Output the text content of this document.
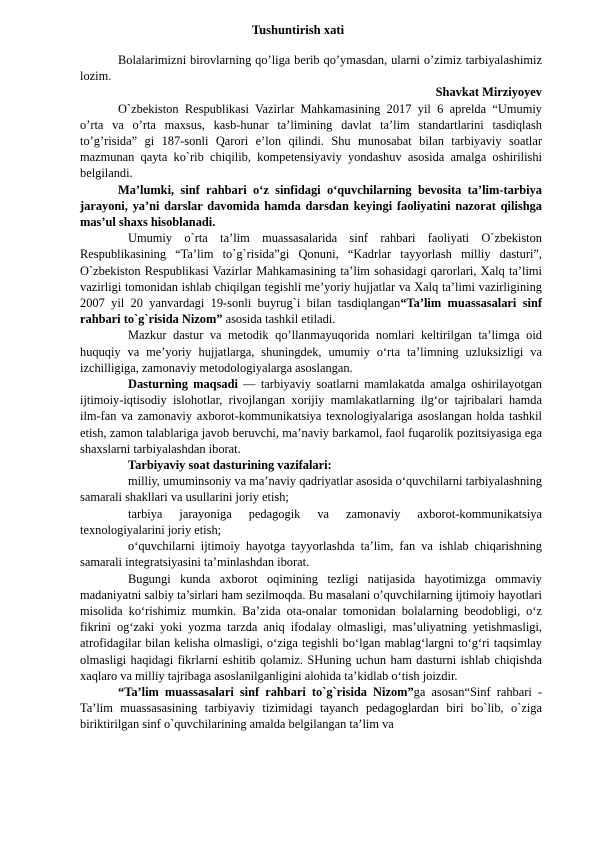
Tushuntirish xati

Bolalarimizni birovlarning qo’liga berib qo’ymasdan, ularni o’zimiz tarbiyalashimiz lozim.

Shavkat Mirziyoyev

O`zbekiston Respublikasi Vazirlar Mahkamasining 2017 yil 6 aprelda “Umumiy o’rta va o’rta maxsus, kasb-hunar ta’limining davlat ta’lim standartlarini tasdiqlash to’g’risida” gi 187-sonli Qarori e’lon qilindi. Shu munosabat bilan tarbiyaviy soatlar mazmunan qayta ko`rib chiqilib, kompetensiyaviy yondashuv asosida amalga oshirilishi belgilandi.

Ma’lumki, sinf rahbari o‘z sinfidagi o‘quvchilarning bevosita ta’lim-tarbiya jarayoni, ya’ni darslar davomida hamda darsdan keyingi faoliyatini nazorat qilishga mas’ul shaxs hisoblanadi.

Umumiy o`rta ta’lim muassasalarida sinf rahbari faoliyati O`zbekiston Respublikasining “Ta’lim to`g`risida”gi Qonuni, “Kadrlar tayyorlash milliy dasturi”, O`zbekiston Respublikasi Vazirlar Mahkamasining ta’lim sohasidagi qarorlari, Xalq ta’limi vazirligi tomonidan ishlab chiqilgan tegishli me’yoriy hujjatlar va Xalq ta’limi vazirligining 2007 yil 20 yanvardagi 19-sonli buyrug`i bilan tasdiqlangan“Ta’lim muassasalari sinf rahbari to`g`risida Nizom” asosida tashkil etiladi.

Mazkur dastur va metodik qo’llanmayuqorida nomlari keltirilgan ta’limga oid huquqiy va me’yoriy hujjatlarga, shuningdek, umumiy o‘rta ta’limning uzluksizligi va izchilligiga, zamonaviy metodologiyalarga asoslangan.

Dasturning maqsadi — tarbiyaviy soatlarni mamlakatda amalga oshirilayotgan ijtimoiy-iqtisodiy islohotlar, rivojlangan xorijiy mamlakatlarning ilg‘or tajribalari hamda ilm-fan va zamonaviy axborot-kommunikatsiya texnologiyalariga asoslangan holda tashkil etish, zamon talablariga javob beruvchi, ma’naviy barkamol, faol fuqarolik pozitsiyasiga ega shaxslarni tarbiyalashdan iborat.

Tarbiyaviy soat dasturining vazifalari:

milliy, umuminsoniy va ma’naviy qadriyatlar asosida o‘quvchilarni tarbiyalashning samarali shakllari va usullarini joriy etish;

tarbiya jarayoniga pedagogik va zamonaviy axborot-kommunikatsiya texnologiyalarini joriy etish;

o‘quvchilarni ijtimoiy hayotga tayyorlashda ta’lim, fan va ishlab chiqarishning samarali integratsiyasini ta’minlashdan iborat.

Bugungi kunda axborot oqimining tezligi natijasida hayotimizga ommaviy madaniyatni salbiy ta’sirlari ham sezilmoqda. Bu masalani o’quvchilarning ijtimoiy hayotlari misolida ko‘rishimiz mumkin. Ba’zida ota-onalar tomonidan bolalarning beodobligi, o‘z fikrini og‘zaki yoki yozma tarzda aniq ifodalay olmasligi, mas’uliyatning yetishmasligi, atrofidagilar bilan kelisha olmasligi, o‘ziga tegishli bo‘lgan mablag‘largni to‘g‘ri taqsimlay olmasligi haqidagi fikrlarni eshitib qolamiz. SHuning uchun ham dasturni ishlab chiqishda xaqlaro va milliy tajribaga asoslanilganligini alohida ta’kidlab o‘tish joizdir.

“Ta’lim muassasalari sinf rahbari to`g`risida Nizom”ga asosan“Sinf rahbari - Ta’lim muassasasining tarbiyaviy tizimidagi tayanch pedagoglardan biri bo`lib, o`ziga biriktirilgan sinf o`quvchilarining amalda belgilangan ta’lim va
